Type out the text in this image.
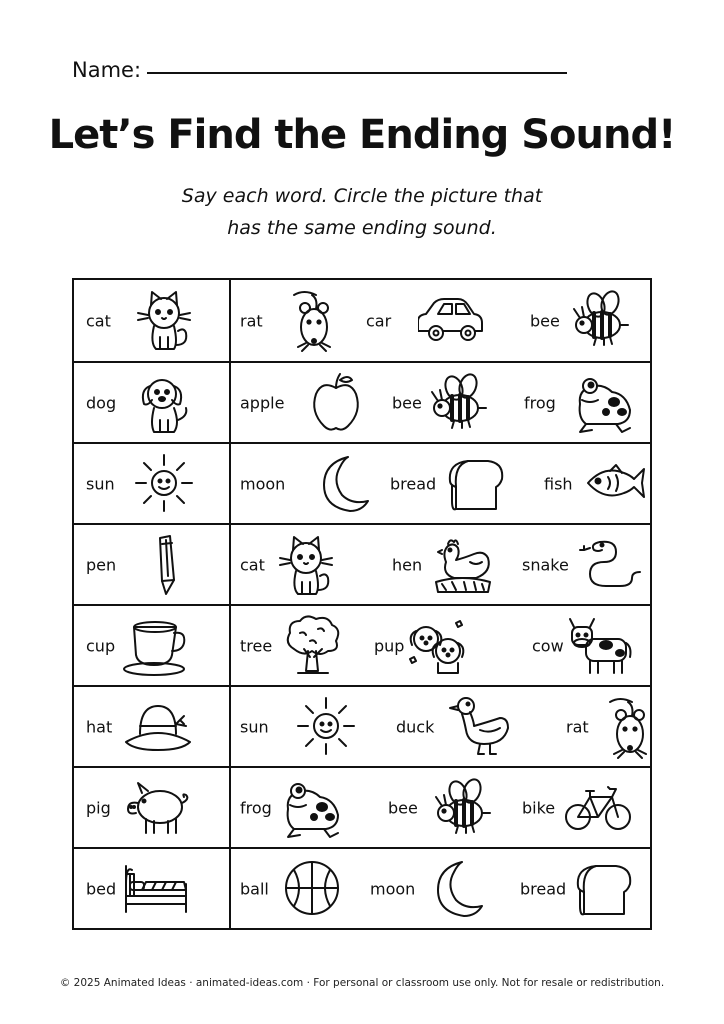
Name:
Let’s Find the Ending Sound!
Say each word. Circle the picture that
has the same ending sound.
cat	rat	car	bee
dog	apple	bee	frog
sun	moon	bread	fish
pen	cat	hen	snake
cup	tree	pup	cow
hat	sun	duck	rat
pig	frog	bee	bike
bed	ball	moon	bread
© 2025 Animated Ideas · animated-ideas.com · For personal or classroom use only. Not for resale or redistribution.
